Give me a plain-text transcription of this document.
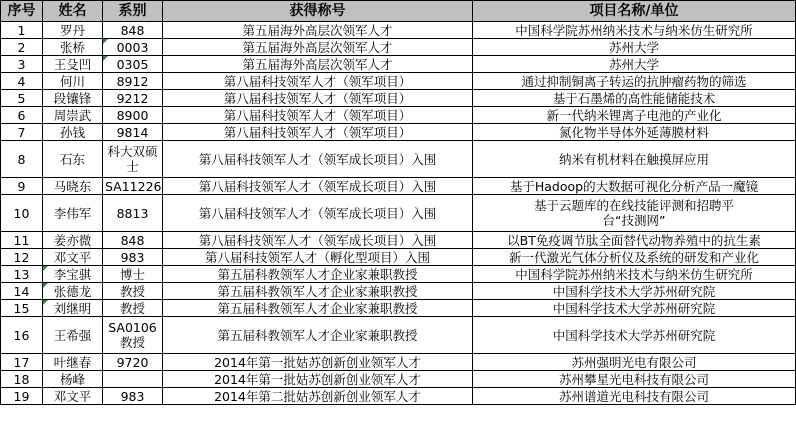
序号	姓名	系别	获得称号	项目名称/单位
1	罗丹	848	第五届海外高层次领军人才	中国科学院苏州纳米技术与纳米仿生研究所
2	张桥	0003	第五届海外高层次领军人才	苏州大学
3	王殳凹	0305	第五届海外高层次领军人才	苏州大学
4	何川	8912	第八届科技领军人才（领军项目）	通过抑制铜离子转运的抗肿瘤药物的筛选
5	段镶锋	9212	第八届科技领军人才（领军项目）	基于石墨烯的高性能储能技术
6	周崇武	8900	第八届科技领军人才（领军项目）	新一代纳米锂离子电池的产业化
7	孙钱	9814	第八届科技领军人才（领军项目）	氮化物半导体外延薄膜材料
8	石东	科大双硕士	第八届科技领军人才（领军成长项目）入围	纳米有机材料在触摸屏应用
9	马晓东	SA11226	第八届科技领军人才（领军成长项目）入围	基于Hadoop的大数据可视化分析产品一魔镜
10	李伟军	8813	第八届科技领军人才（领军成长项目）入围	基于云题库的在线技能评测和招聘平台“技测网”
11	姜亦微	848	第八届科技领军人才（领军成长项目）入围	以BT免疫调节肽全面替代动物养殖中的抗生素
12	邓文平	983	第八届科技领军人才（孵化型项目）入围	新一代激光气体分析仪及系统的研发和产业化
13	李宝骐	博士	第五届科教领军人才企业家兼职教授	中国科学院苏州纳米技术与纳米仿生研究所
14	张德龙	教授	第五届科教领军人才企业家兼职教授	中国科学技术大学苏州研究院
15	刘继明	教授	第五届科教领军人才企业家兼职教授	中国科学技术大学苏州研究院
16	王希强	SA0106教授	第五届科教领军人才企业家兼职教授	中国科学技术大学苏州研究院
17	叶继春	9720	2014年第一批姑苏创新创业领军人才	苏州强明光电有限公司
18	杨峰		2014年第一批姑苏创新创业领军人才	苏州攀星光电科技有限公司
19	邓文平	983	2014年第二批姑苏创新创业领军人才	苏州谱道光电科技有限公司
